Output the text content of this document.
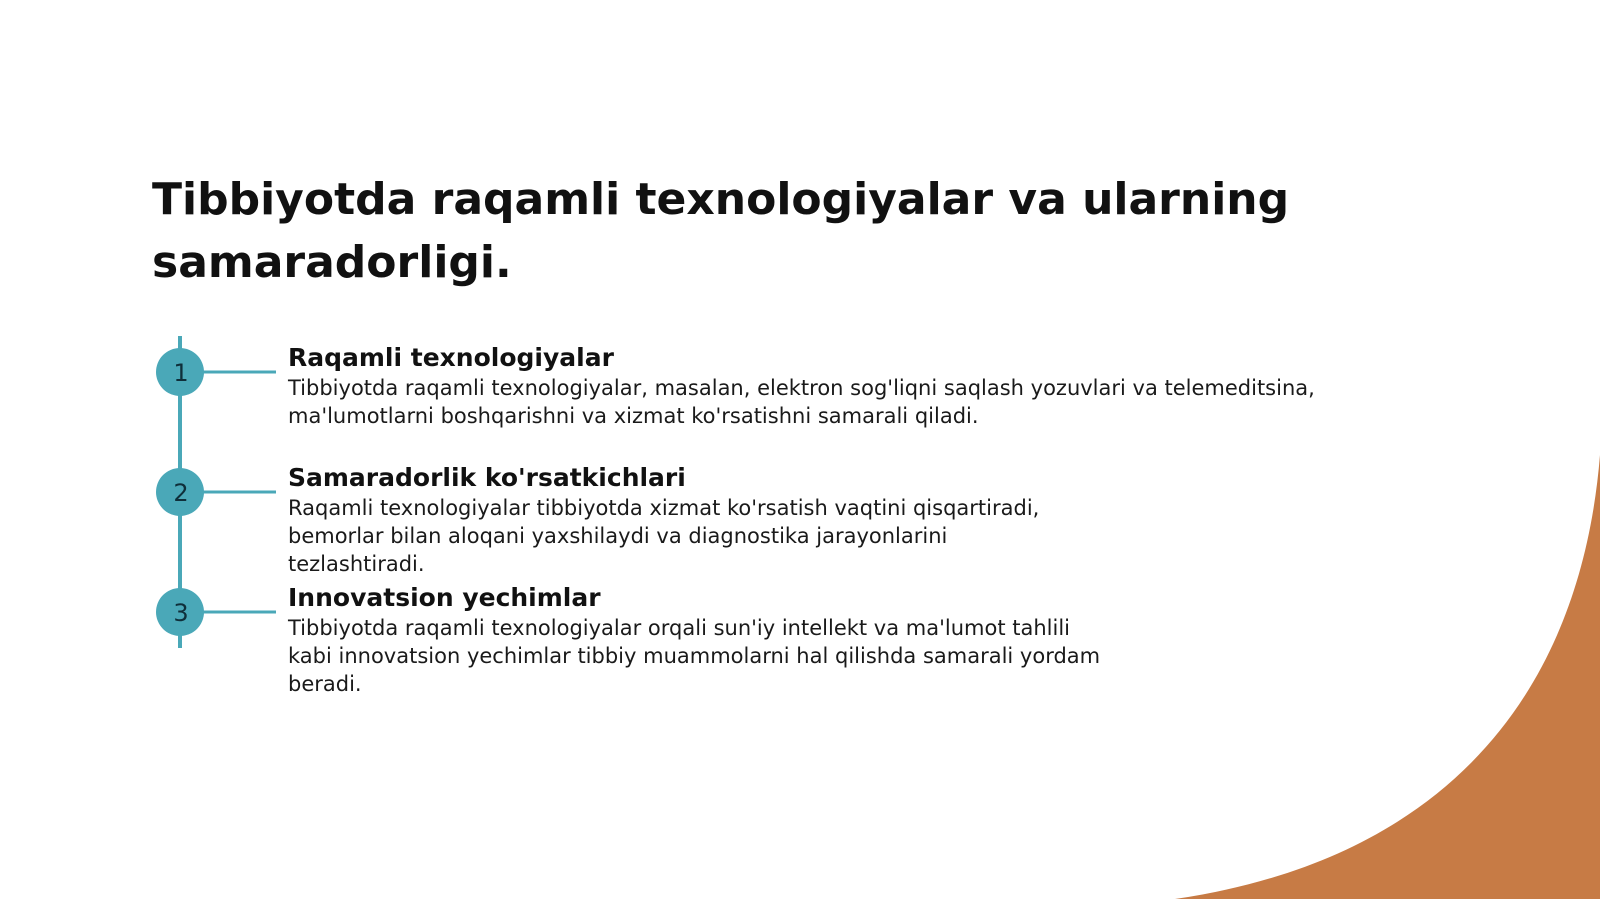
Tibbiyotda raqamli texnologiyalar va ularning samaradorligi.
1
2
3
Raqamli texnologiyalar

Tibbiyotda raqamli texnologiyalar, masalan, elektron sog'liqni saqlash yozuvlari va telemeditsina, ma'lumotlarni boshqarishni va xizmat ko'rsatishni samarali qiladi.

Samaradorlik ko'rsatkichlari

Raqamli texnologiyalar tibbiyotda xizmat ko'rsatish vaqtini qisqartiradi, bemorlar bilan aloqani yaxshilaydi va diagnostika jarayonlarini tezlashtiradi.

Innovatsion yechimlar

Tibbiyotda raqamli texnologiyalar orqali sun'iy intellekt va ma'lumot tahlili kabi innovatsion yechimlar tibbiy muammolarni hal qilishda samarali yordam beradi.
